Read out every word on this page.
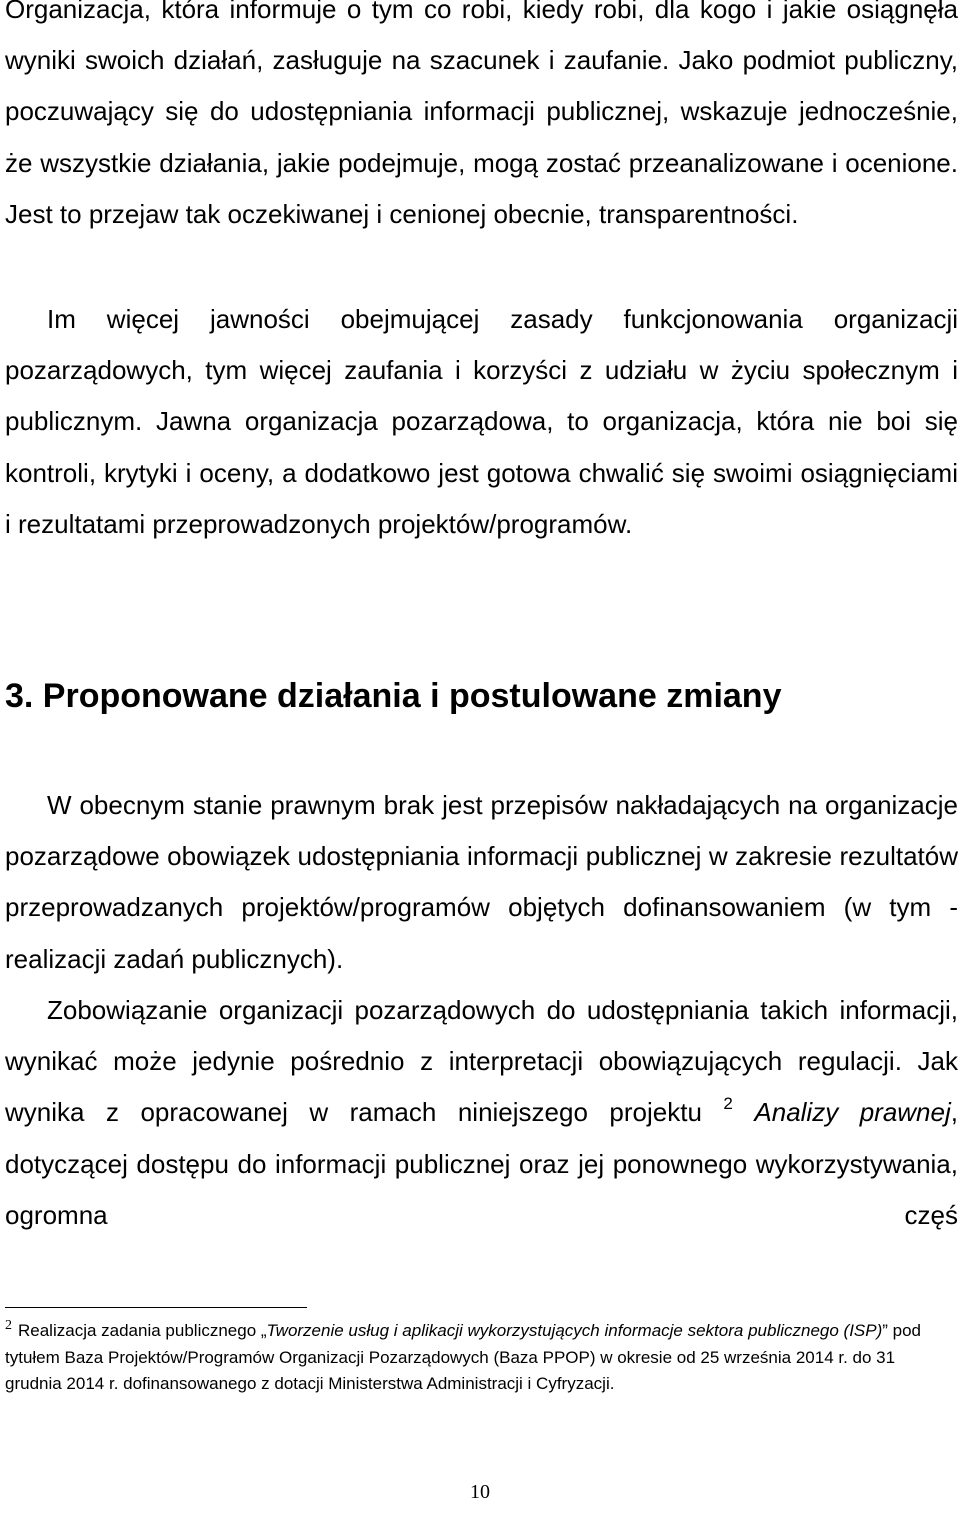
Organizacja, która informuje o tym co robi, kiedy robi, dla kogo i jakie osiągnęła wyniki swoich działań, zasługuje na szacunek i zaufanie. Jako podmiot publiczny, poczuwający się do udostępniania informacji publicznej, wskazuje jednocześnie, że wszystkie działania, jakie podejmuje, mogą zostać przeanalizowane i ocenione. Jest to przejaw tak oczekiwanej i cenionej obecnie, transparentności.

Im więcej jawności obejmującej zasady funkcjonowania organizacji pozarządowych, tym więcej zaufania i korzyści z udziału w życiu społecznym i publicznym. Jawna organizacja pozarządowa, to organizacja, która nie boi się kontroli, krytyki i oceny, a dodatkowo jest gotowa chwalić się swoimi osiągnięciami i rezultatami przeprowadzonych projektów/programów.

3. Proponowane działania i postulowane zmiany

W obecnym stanie prawnym brak jest przepisów nakładających na organizacje pozarządowe obowiązek udostępniania informacji publicznej w zakresie rezultatów przeprowadzanych projektów/programów objętych dofinansowaniem (w tym - realizacji zadań publicznych).

Zobowiązanie organizacji pozarządowych do udostępniania takich informacji, wynikać może jedynie pośrednio z interpretacji obowiązujących regulacji. Jak wynika z opracowanej w ramach niniejszego projektu $^2$ Analizy prawnej, dotyczącej dostępu do informacji publicznej oraz jej ponownego wykorzystywania, ogromna częś

$^2$ Realizacja zadania publicznego „Tworzenie usług i aplikacji wykorzystujących informacje sektora publicznego (ISP)” pod tytułem Baza Projektów/Programów Organizacji Pozarządowych (Baza PPOP) w okresie od 25 września 2014 r. do 31 grudnia 2014 r. dofinansowanego z dotacji Ministerstwa Administracji i Cyfryzacji.

10
